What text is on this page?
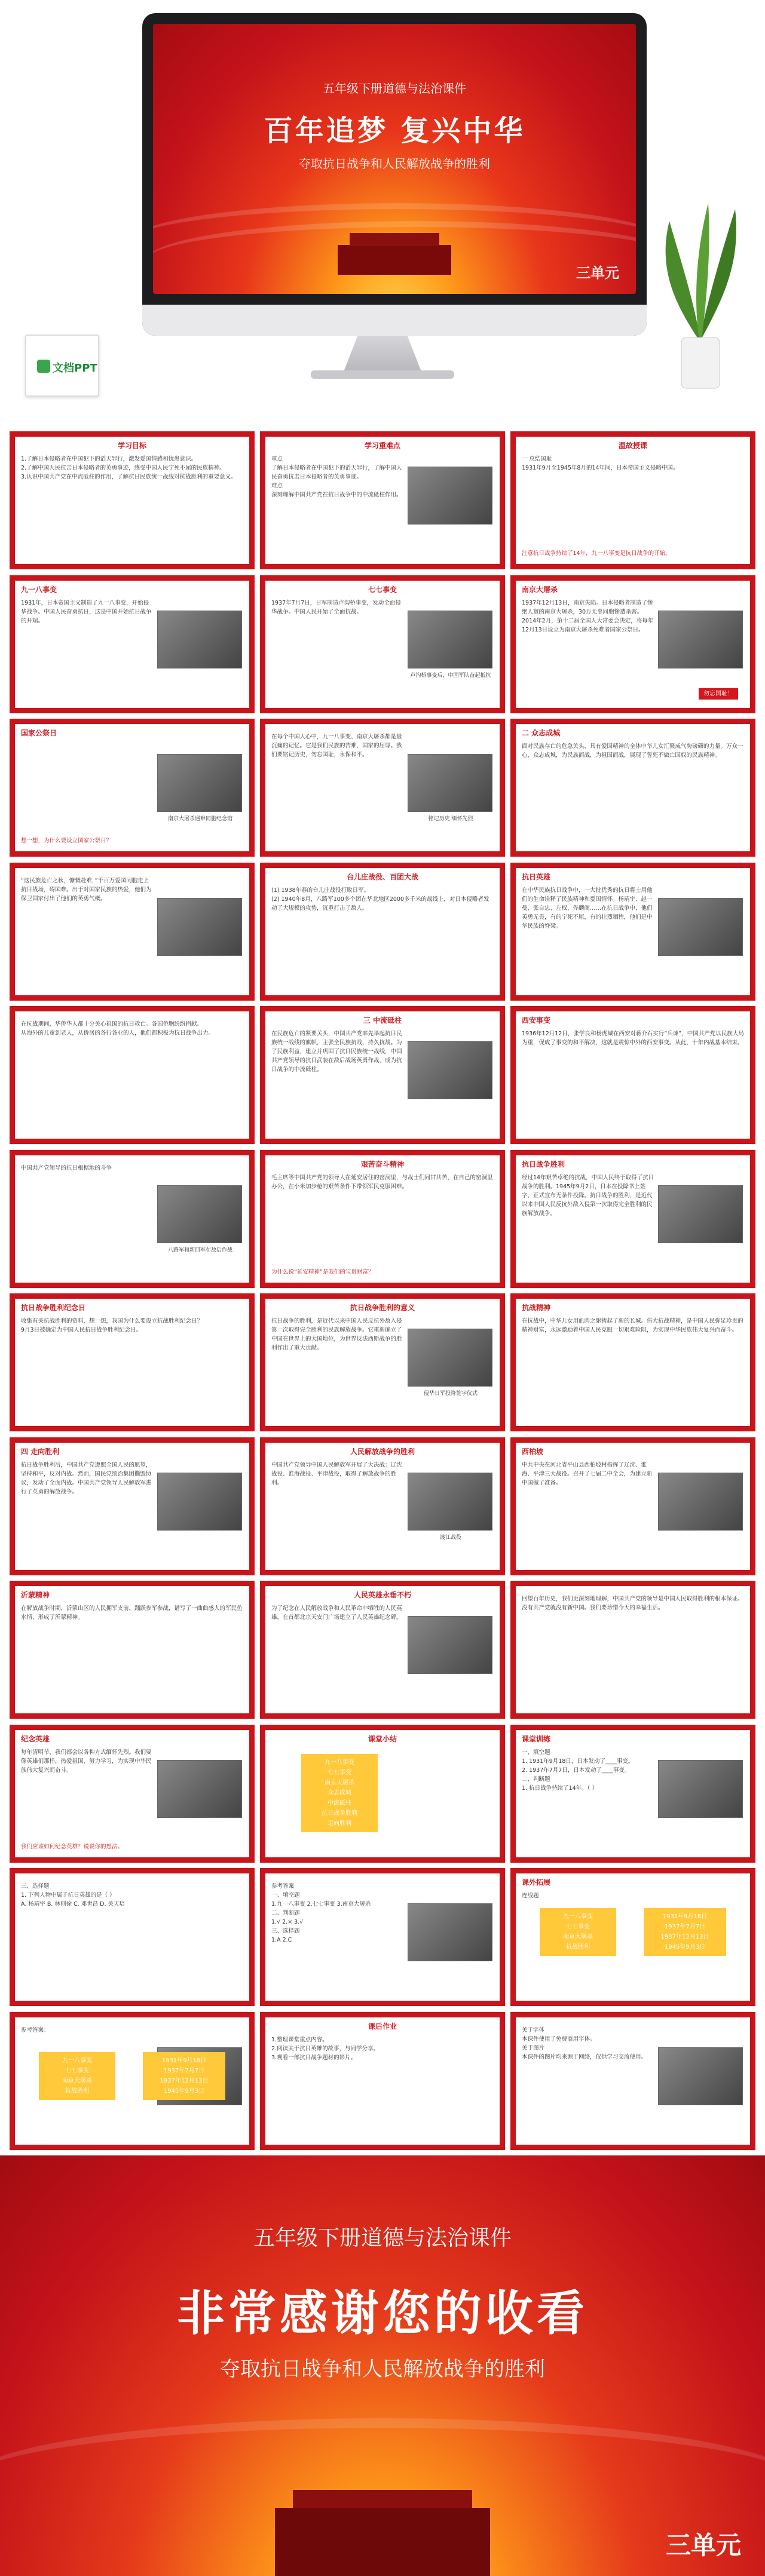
文档PPT
五年级下册道德与法治课件
百年追梦 复兴中华
夺取抗日战争和人民解放战争的胜利
三单元
学习目标
1.了解日本侵略者在中国犯下的滔天罪行，激发爱国情感和忧患意识。
2.了解中国人民抗击日本侵略者的英勇事迹，感受中国人民宁死不屈的民族精神。
3.认识中国共产党在中流砥柱的作用，了解抗日民族统一战线对抗战胜利的重要意义。
学习重难点
重点
了解日本侵略者在中国犯下的滔天罪行，了解中国人民奋勇抗击日本侵略者的英勇事迹。
难点
深刻理解中国共产党在抗日战争中的中流砥柱作用。
温故授课
一 总结国耻
1931年9月至1945年8月的14年间，日本帝国主义侵略中国。
注意抗日战争持续了14年，九一八事变是抗日战争的开始。
九一八事变
1931年，日本帝国主义制造了九一八事变，开始侵华战争。中国人民奋勇抗日，这是中国开始抗日战争的开端。
七七事变
1937年7月7日，日军制造卢沟桥事变，发动全面侵华战争。中国人民开始了全面抗战。
卢沟桥事变后，中国军队奋起抵抗
南京大屠杀
1937年12月13日，南京失陷。日本侵略者制造了惨绝人寰的南京大屠杀，30万无辜同胞惨遭杀害。2014年2月，第十二届全国人大常委会决定，将每年12月13日设立为南京大屠杀死难者国家公祭日。
勿忘国耻！
国家公祭日
南京大屠杀遇难同胞纪念馆
想一想，为什么要设立国家公祭日？
在每个中国人心中，九一八事变、南京大屠杀都是最沉痛的记忆。它是我们民族的苦难，国家的屈辱。我们要铭记历史，勿忘国耻，永保和平。
铭记历史 缅怀先烈
二 众志成城
面对民族存亡的危急关头，具有爱国精神的全体中华儿女汇聚成气势磅礴的力量。万众一心，众志成城，为民族而战，为祖国而战，展现了誓死不做亡国奴的民族精神。
“这民族危亡之秋，慷慨赴难，”千百万爱国同胞走上抗日战场，碍国难。出于对国家民族的热爱，他们为保卫国家付出了他们的英勇气概。
台儿庄战役、百团大战
(1) 1938年春的台儿庄战役打败日军。
(2) 1940年8月，八路军100多个团在华北地区2000多千米的战线上，对日本侵略者发动了大规模的攻势，沉重打击了敌人。
抗日英雄
在中华民族抗日战争中，一大批优秀的抗日将士用他们的生命诠释了民族精神和爱国情怀。杨靖宇、赵一曼、张自忠、左权、佟麟阁……在抗日战争中，他们英勇无畏，有的宁死不屈，有的壮烈牺牲，他们是中华民族的脊梁。
在抗战期间，华侨华人都十分关心祖国的抗日救亡。各国侨胞纷纷捐献。
从海外的儿童到老人，从侨居的各行各业的人，他们都积极为抗日战争出力。
三 中流砥柱
在民族危亡的紧要关头，中国共产党率先举起抗日民族统一战线的旗帜，主张全民族抗战，持久抗战。为了民族利益，建立并巩固了抗日民族统一战线，中国共产党领导的抗日武装在敌后战场英勇作战，成为抗日战争的中流砥柱。
西安事变
1936年12月12日，张学良和杨虎城在西安对蒋介石实行“兵谏”，中国共产党以民族大局为重，促成了事变的和平解决，这就是震惊中外的西安事变。从此，十年内战基本结束。
中国共产党领导的抗日根据地的斗争
八路军和新四军在敌后作战
艰苦奋斗精神
毛主席等中国共产党的领导人在延安居住的窑洞里，与战士们同甘共苦，在自己的窑洞里办公，在小米加步枪的艰苦条件下带领军民克服困难。
为什么说“延安精神”是我们的宝贵财富？
抗日战争胜利
经过14年艰苦卓绝的抗战，中国人民终于取得了抗日战争的胜利。1945年9月2日，日本在投降书上签字，正式宣布无条件投降。抗日战争的胜利，是近代以来中国人民反抗外敌入侵第一次取得完全胜利的民族解放战争。
抗日战争胜利纪念日
收集有关抗战胜利的资料，想一想，我国为什么要设立抗战胜利纪念日？
9月3日被确定为中国人民抗日战争胜利纪念日。
抗日战争胜利的意义
抗日战争的胜利，是近代以来中国人民反抗外敌入侵第一次取得完全胜利的民族解放战争。它重新确立了中国在世界上的大国地位，为世界反法西斯战争的胜利作出了重大贡献。
侵华日军投降签字仪式
抗战精神
在抗战中，中华儿女用血肉之躯铸起了新的长城。伟大抗战精神，是中国人民弥足珍贵的精神财富，永远激励着中国人民克服一切艰难险阻，为实现中华民族伟大复兴而奋斗。
四 走向胜利
抗日战争胜利后，中国共产党遵照全国人民的愿望，坚持和平，反对内战。然而，国民党统治集团撕毁协议，发动了全面内战。中国共产党领导人民解放军进行了英勇的解放战争。
人民解放战争的胜利
中国共产党领导中国人民解放军开展了大决战：辽沈战役、淮海战役、平津战役，取得了解放战争的胜利。
渡江战役
西柏坡
中共中央在河北省平山县西柏坡村指挥了辽沈、淮海、平津三大战役。召开了七届二中全会，为建立新中国做了准备。
沂蒙精神
在解放战争时期，沂蒙山区的人民拥军支前，踊跃参军参战，谱写了一曲曲感人的军民鱼水情，形成了沂蒙精神。
人民英雄永垂不朽
为了纪念在人民解放战争和人民革命中牺牲的人民英雄，在首都北京天安门广场建立了人民英雄纪念碑。
回望百年历史，我们更深刻地理解，中国共产党的领导是中国人民取得胜利的根本保证。没有共产党就没有新中国。我们要珍惜今天的幸福生活。
纪念英雄
每年清明节，我们都会以各种方式缅怀先烈。我们要像英雄们那样，热爱祖国，努力学习，为实现中华民族伟大复兴而奋斗。
我们应该如何纪念英雄？说说你的想法。
课堂小结
九一八事变
七七事变
南京大屠杀
众志成城
中流砥柱
抗日战争胜利
走向胜利
课堂训练
一、填空题
1. 1931年9月18日，日本发动了____事变。
2. 1937年7月7日，日本发动了____事变。
二、判断题
1. 抗日战争持续了14年。（ ）
三、选择题
1. 下列人物中属于抗日英雄的是（ ）
A. 杨靖宇 B. 林则徐 C. 邓世昌 D. 关天培
参考答案
一、填空题
1.九一八事变 2.七七事变 3.南京大屠杀
二、判断题
1.√ 2.× 3.√
三、选择题
1.A 2.C
课外拓展
连线题
九一八事变
七七事变
南京大屠杀
抗战胜利
1931年9月18日
1937年7月7日
1937年12月13日
1945年9月3日
参考答案：
九一八事变
七七事变
南京大屠杀
抗战胜利
1931年9月18日
1937年7月7日
1937年12月13日
1945年9月3日
课后作业
1.整理课堂重点内容。
2.阅读关于抗日英雄的故事，与同学分享。
3.观看一部抗日战争题材的影片。
关于字体
本课件使用了免费商用字体。
关于图片
本课件的图片均来源于网络，仅供学习交流使用。
五年级下册道德与法治课件
非常感谢您的收看
夺取抗日战争和人民解放战争的胜利
三单元
